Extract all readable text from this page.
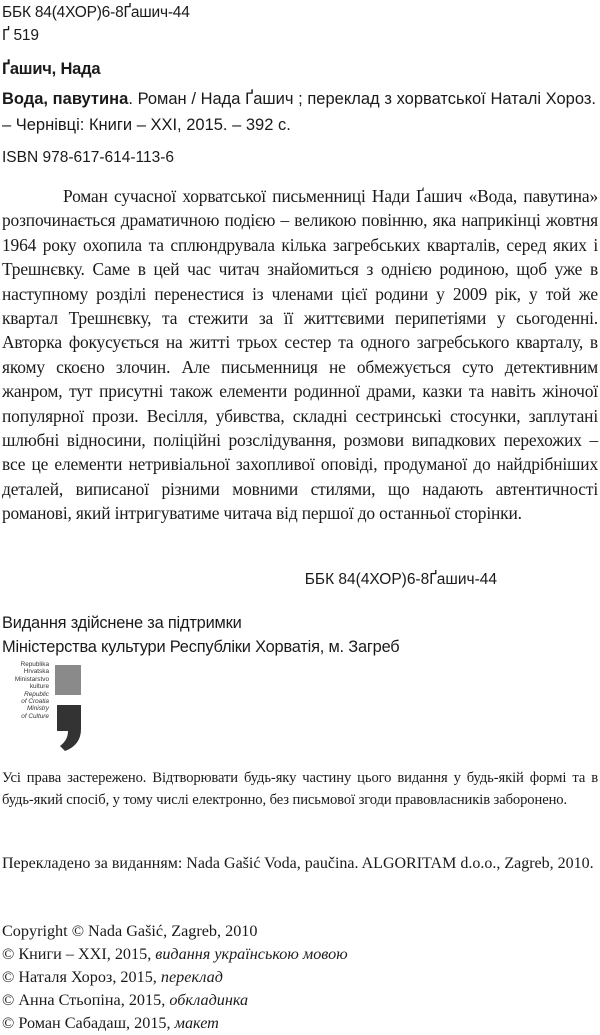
ББК 84(4ХОР)6-8Ґашич-44
Ґ 519
Ґашич, Нада

Вода, павутина. Роман / Нада Ґашич ; переклад з хорватської Наталі Хороз. – Чернівці: Книги – ХХІ, 2015. – 392 с.

ISBN 978-617-614-113-6

Роман сучасної хорватської письменниці Нади Ґашич «Вода, павутина» розпочинається драматичною подією – великою повінню, яка наприкінці жовтня 1964 року охопила та сплюндрувала кілька загребських кварталів, серед яких і Трешнєвку. Саме в цей час читач знайомиться з однією родиною, щоб уже в наступному розділі перенестися із членами цієї родини у 2009 рік, у той же квартал Трешнєвку, та стежити за її життєвими перипетіями у сьогоденні. Авторка фокусується на житті трьох сестер та одного загребського кварталу, в якому скоєно злочин. Але письменниця не обмежується суто детективним жанром, тут присутні також елементи родинної драми, казки та навіть жіночої популярної прози. Весілля, убивства, складні сестринські стосунки, заплутані шлюбні відносини, поліційні розслідування, розмови випадкових перехожих – все це елементи нетривіальної захопливої оповіді, продуманої до найдрібніших деталей, виписаної різними мовними стилями, що надають автентичності романові, який інтригуватиме читача від першої до останньої сторінки.

ББК 84(4ХОР)6-8Ґашич-44
Видання здійснене за підтримки
Міністерства культури Республіки Хорватія, м. Загреб
Republika
Hrvatska
Ministarstvo
kulture
Republic
of Croatia
Ministry
of Culture

Усі права застережено. Відтворювати будь-яку частину цього видання у будь-якій формі та в будь-який спосіб, у тому числі електронно, без письмової згоди правовласників заборонено.

Перекладено за виданням: Nada Gašić Voda, paučina. ALGORITAM d.o.o., Zagreb, 2010.

Copyright © Nada Gašić, Zagreb, 2010
© Книги – ХХІ, 2015, видання українською мовою
© Наталя Хороз, 2015, переклад
© Анна Стьопіна, 2015, обкладинка
© Роман Сабадаш, 2015, макет
